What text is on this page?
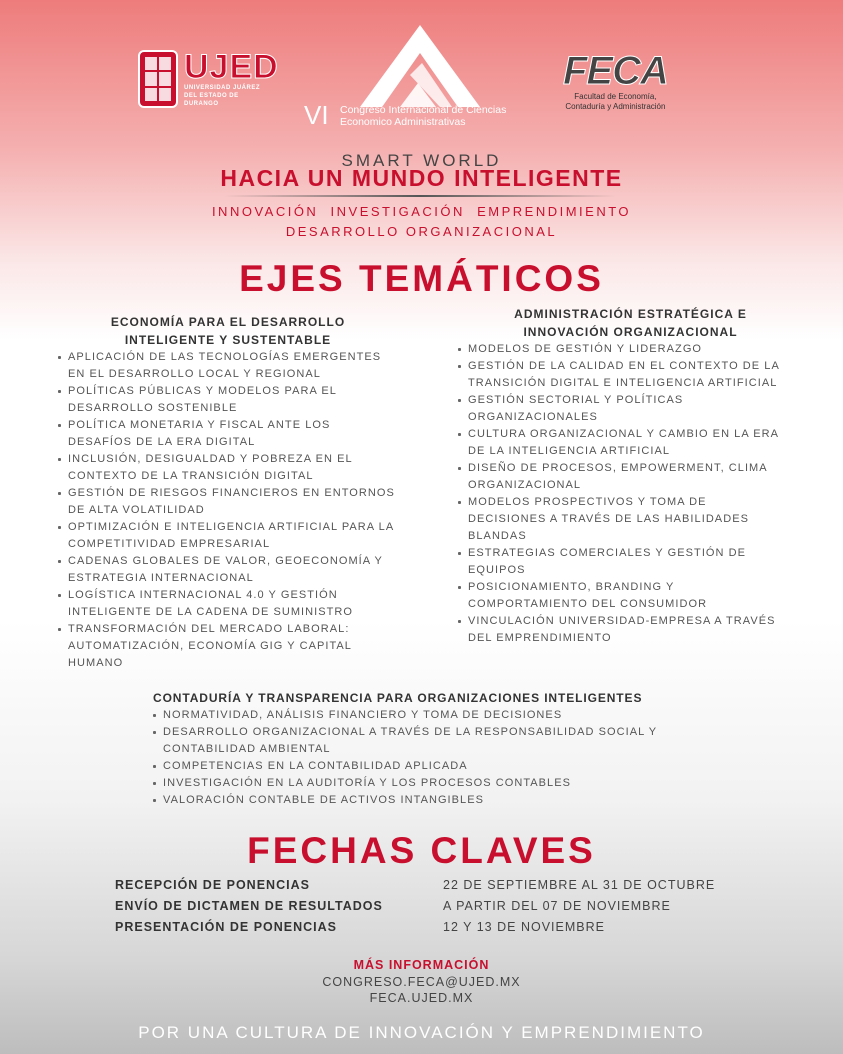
UJED
UNIVERSIDAD JUÁREZ DEL ESTADO DE DURANGO	VI Congreso Internacional de Ciencias
Economico Administrativas
FECA
Facultad de Economía,
Contaduría y Administración
SMART WORLD
HACIA UN MUNDO INTELIGENTE
INNOVACIÓN  INVESTIGACIÓN  EMPRENDIMIENTO
DESARROLLO ORGANIZACIONAL
EJES TEMÁTICOS
ECONOMÍA PARA EL DESARROLLO
INTELIGENTE Y SUSTENTABLE
APLICACIÓN DE LAS TECNOLOGÍAS EMERGENTES EN EL DESARROLLO LOCAL Y REGIONAL
POLÍTICAS PÚBLICAS Y MODELOS PARA EL DESARROLLO SOSTENIBLE
POLÍTICA MONETARIA Y FISCAL ANTE LOS DESAFÍOS DE LA ERA DIGITAL
INCLUSIÓN, DESIGUALDAD Y POBREZA EN EL CONTEXTO DE LA TRANSICIÓN DIGITAL
GESTIÓN DE RIESGOS FINANCIEROS EN ENTORNOS DE ALTA VOLATILIDAD
OPTIMIZACIÓN E INTELIGENCIA ARTIFICIAL PARA LA COMPETITIVIDAD EMPRESARIAL
CADENAS GLOBALES DE VALOR, GEOECONOMÍA Y ESTRATEGIA INTERNACIONAL
LOGÍSTICA INTERNACIONAL 4.0 Y GESTIÓN INTELIGENTE DE LA CADENA DE SUMINISTRO
TRANSFORMACIÓN DEL MERCADO LABORAL: AUTOMATIZACIÓN, ECONOMÍA GIG Y CAPITAL HUMANO
ADMINISTRACIÓN ESTRATÉGICA E
INNOVACIÓN ORGANIZACIONAL
MODELOS DE GESTIÓN Y LIDERAZGO
GESTIÓN DE LA CALIDAD EN EL CONTEXTO DE LA TRANSICIÓN DIGITAL E INTELIGENCIA ARTIFICIAL
GESTIÓN SECTORIAL Y POLÍTICAS ORGANIZACIONALES
CULTURA ORGANIZACIONAL Y CAMBIO EN LA ERA DE LA INTELIGENCIA ARTIFICIAL
DISEÑO DE PROCESOS, EMPOWERMENT, CLIMA ORGANIZACIONAL
MODELOS PROSPECTIVOS Y TOMA DE DECISIONES A TRAVÉS DE LAS HABILIDADES BLANDAS
ESTRATEGIAS COMERCIALES Y GESTIÓN DE EQUIPOS
POSICIONAMIENTO, BRANDING Y COMPORTAMIENTO DEL CONSUMIDOR
VINCULACIÓN UNIVERSIDAD-EMPRESA A TRAVÉS DEL EMPRENDIMIENTO
CONTADURÍA Y TRANSPARENCIA PARA ORGANIZACIONES INTELIGENTES
NORMATIVIDAD, ANÁLISIS FINANCIERO Y TOMA DE DECISIONES
DESARROLLO ORGANIZACIONAL A TRAVÉS DE LA RESPONSABILIDAD SOCIAL Y CONTABILIDAD AMBIENTAL
COMPETENCIAS EN LA CONTABILIDAD APLICADA
INVESTIGACIÓN EN LA AUDITORÍA Y LOS PROCESOS CONTABLES
VALORACIÓN CONTABLE DE ACTIVOS INTANGIBLES
FECHAS CLAVES
RECEPCIÓN DE PONENCIAS	22 DE SEPTIEMBRE AL 31 DE OCTUBRE
ENVÍO DE DICTAMEN DE RESULTADOS	A PARTIR DEL 07 DE NOVIEMBRE
PRESENTACIÓN DE PONENCIAS	12 Y 13 DE NOVIEMBRE
MÁS INFORMACIÓN
CONGRESO.FECA@UJED.MX
FECA.UJED.MX
POR UNA CULTURA DE INNOVACIÓN Y EMPRENDIMIENTO
